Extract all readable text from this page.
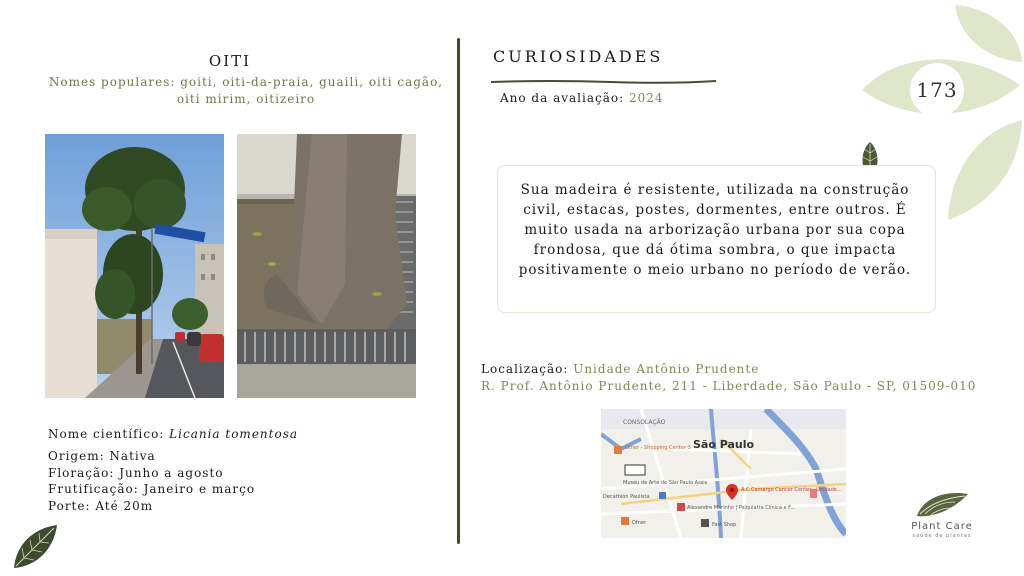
OITI
Nomes populares: goiti, oiti-da-praia, guaili, oiti cagão, oiti mirim, oitizeiro
Nome científico: Licania tomentosa
Origem: Nativa
Floração: Junho a agosto
Frutificação: Janeiro e março
Porte: Até 20m
CURIOSIDADES
Ano da avaliação: 2024	173
Sua madeira é resistente, utilizada na construção civil, estacas, postes, dormentes, entre outros. É muito usada na arborização urbana por sua copa frondosa, que dá ótima sombra, o que impacta positivamente o meio urbano no período de verão.
Localização: Unidade Antônio Prudente
R. Prof. Antônio Prudente, 211 - Liberdade, São Paulo - SP, 01509-010
CONSOLAÇÃO
São Paulo
Ofner - Shopping Center 3
Museu de Arte de São Paulo Assis
Decathlon Paulista
A.C.Camargo Cancer Center - Unidade...
Alexandre Marinho | Psiquiatra Clínica e F...
Ofner	Fast Shop	Plant Care
saúde de plantas
